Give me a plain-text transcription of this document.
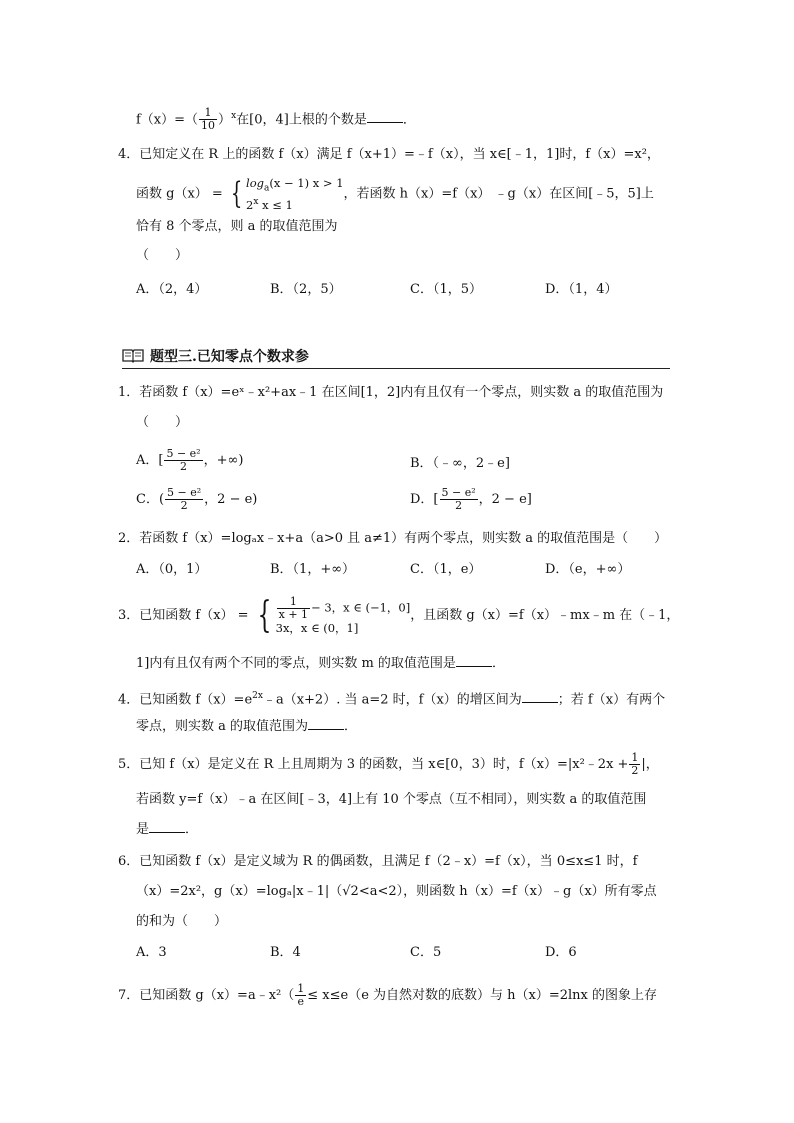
$f(x)=( \frac{1}{10} )^x$在[0，4]上根的个数是	．
4．已知定义在 R 上的函数 f（x）满足 f（x+1）=﹣f（x），当 x∈[﹣1，1]时，f（x）=x²，
函数 g（x） = { $\log_a(x - 1) x > 1$
2$^x$ x ≤ 1
，若函数 h（x）=f（x） ﹣g（x）在区间[﹣5，5]上
恰有 8 个零点，则 a 的取值范围为
（　　）
A．（2，4）	B．（2，5）	C．（1，5）	D．（1，4）
题型三.已知零点个数求参
1．若函数 f（x）=eˣ﹣x²+ax﹣1 在区间[1，2]内有且仅有一个零点，则实数 a 的取值范围为
（　　）
A．[ $\frac{\text{5 − e²}}{2}$ ，+∞)	B．（﹣∞，2﹣e]
C．( $\frac{\text{5 − e²}}{2}$ ，2 − e)	D．[ $\frac{\text{5 − e²}}{2}$ ，2 − e]
2．若函数 f（x）=logₐx﹣x+a（a>0 且 a≠1）有两个零点，则实数 a 的取值范围是（　　）
A．（0，1）	B．（1，+∞）	C．（1，e）	D．（e，+∞）
3．已知函数 f（x） = { $\frac{1}{x + 1} - 3$，x ∈ (−1，0]
3x，x ∈ (0，1]
，且函数 g（x）=f（x）﹣mx﹣m 在（﹣1，
1]内有且仅有两个不同的零点，则实数 m 的取值范围是	．
4．已知函数 $f(x)=e^{2x}﹣a(x+2)$. 当 a=2 时，f（x）的增区间为	；若 f（x）有两个
零点，则实数 a 的取值范围为	．
5．已知 f（x）是定义在 R 上且周期为 3 的函数，当 x∈[0，3）时，f（x）=|x²﹣2x + $\frac{1}{2}$ |，
若函数 y=f（x）﹣a 在区间[﹣3，4]上有 10 个零点（互不相同），则实数 a 的取值范围
是	．
6．已知函数 f（x）是定义域为 R 的偶函数，且满足 f（2﹣x）=f（x），当 0≤x≤1 时，f
（x）=2x²，g（x）=logₐ|x﹣1|（√2<a<2），则函数 h（x）=f（x）﹣g（x）所有零点
的和为（　　）
A．3	B．4	C．5	D．6
7．已知函数 g（x）=a﹣x²（ $\frac{1}{e} \le x\le e(e$ 为自然对数的底数）与 h（x）=2lnx 的图象上存
